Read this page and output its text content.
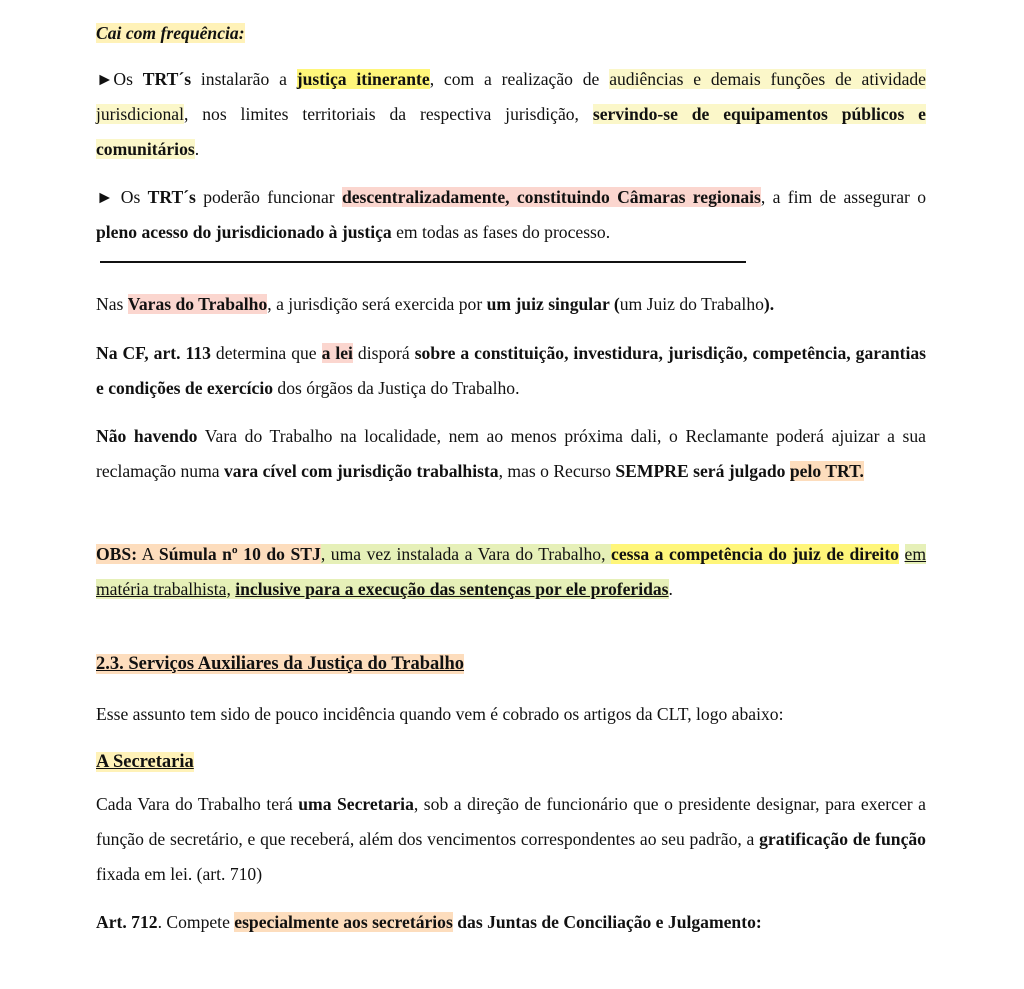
Cai com frequência:

►Os TRT´s instalarão a justiça itinerante, com a realização de audiências e demais funções de atividade jurisdicional, nos limites territoriais da respectiva jurisdição, servindo-se de equipamentos públicos e comunitários.

► Os TRT´s poderão funcionar descentralizadamente, constituindo Câmaras regionais, a fim de assegurar o pleno acesso do jurisdicionado à justiça em todas as fases do processo.

Nas Varas do Trabalho, a jurisdição será exercida por um juiz singular (um Juiz do Trabalho).

Na CF, art. 113 determina que a lei disporá sobre a constituição, investidura, jurisdição, competência, garantias e condições de exercício dos órgãos da Justiça do Trabalho.

Não havendo Vara do Trabalho na localidade, nem ao menos próxima dali, o Reclamante poderá ajuizar a sua reclamação numa vara cível com jurisdição trabalhista, mas o Recurso SEMPRE será julgado pelo TRT.

OBS: A Súmula nº 10 do STJ, uma vez instalada a Vara do Trabalho, cessa a competência do juiz de direito em matéria trabalhista, inclusive para a execução das sentenças por ele proferidas.

2.3. Serviços Auxiliares da Justiça do Trabalho

Esse assunto tem sido de pouco incidência quando vem é cobrado os artigos da CLT, logo abaixo:

A Secretaria

Cada Vara do Trabalho terá uma Secretaria, sob a direção de funcionário que o presidente designar, para exercer a função de secretário, e que receberá, além dos vencimentos correspondentes ao seu padrão, a gratificação de função fixada em lei. (art. 710)

Art. 712. Compete especialmente aos secretários das Juntas de Conciliação e Julgamento:
